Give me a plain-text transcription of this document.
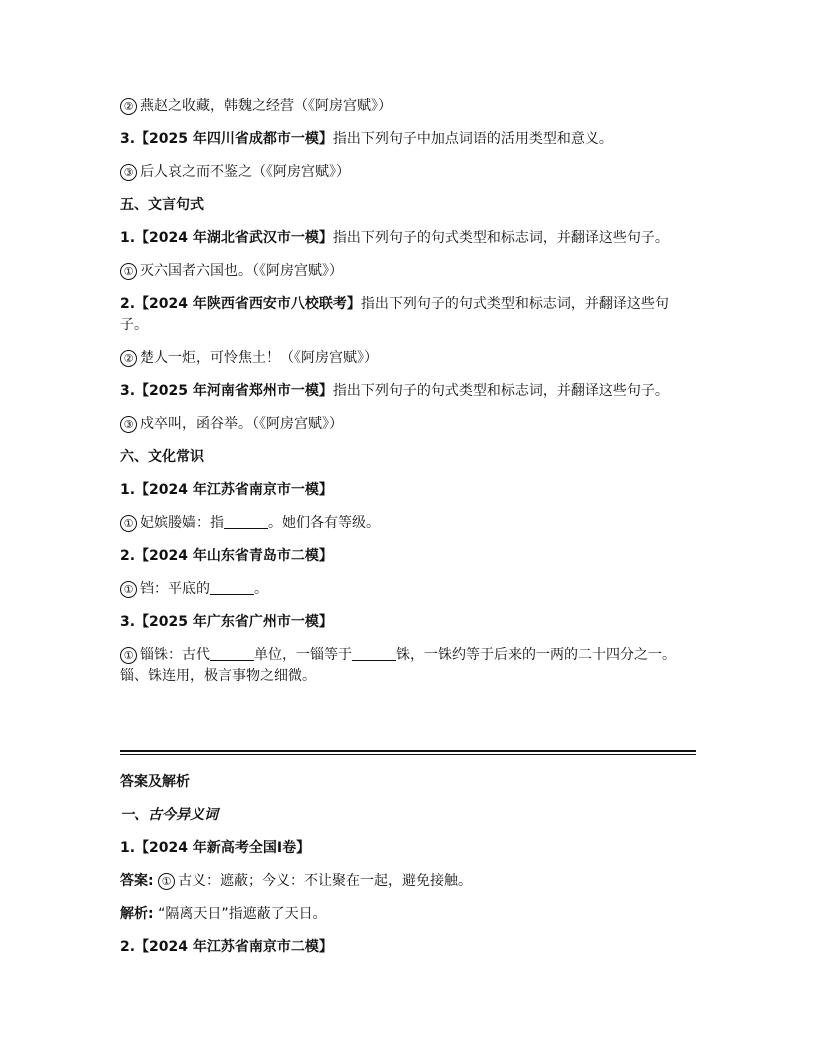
② 燕赵之收藏，韩魏之经营（《阿房宫赋》）

3.【2025 年四川省成都市一模】指出下列句子中加点词语的活用类型和意义。

③ 后人哀之而不鉴之（《阿房宫赋》）

五、文言句式

1.【2024 年湖北省武汉市一模】指出下列句子的句式类型和标志词，并翻译这些句子。

① 灭六国者六国也。（《阿房宫赋》）

2.【2024 年陕西省西安市八校联考】指出下列句子的句式类型和标志词，并翻译这些句子。

② 楚人一炬，可怜焦土！（《阿房宫赋》）

3.【2025 年河南省郑州市一模】指出下列句子的句式类型和标志词，并翻译这些句子。

③ 戍卒叫，函谷举。（《阿房宫赋》）

六、文化常识

1.【2024 年江苏省南京市一模】

① 妃嫔媵嫱：指	。她们各有等级。

2.【2024 年山东省青岛市二模】

① 铛：平底的	。

3.【2025 年广东省广州市一模】

① 锱铢：古代	单位，一锱等于	铢，一铢约等于后来的一两的二十四分之一。锱、铢连用，极言事物之细微。

答案及解析

一、古今异义词

1.【2024 年新高考全国Ⅰ卷】

答案: ① 古义：遮蔽；今义：不让聚在一起，避免接触。

解析: “隔离天日”指遮蔽了天日。

2.【2024 年江苏省南京市二模】
